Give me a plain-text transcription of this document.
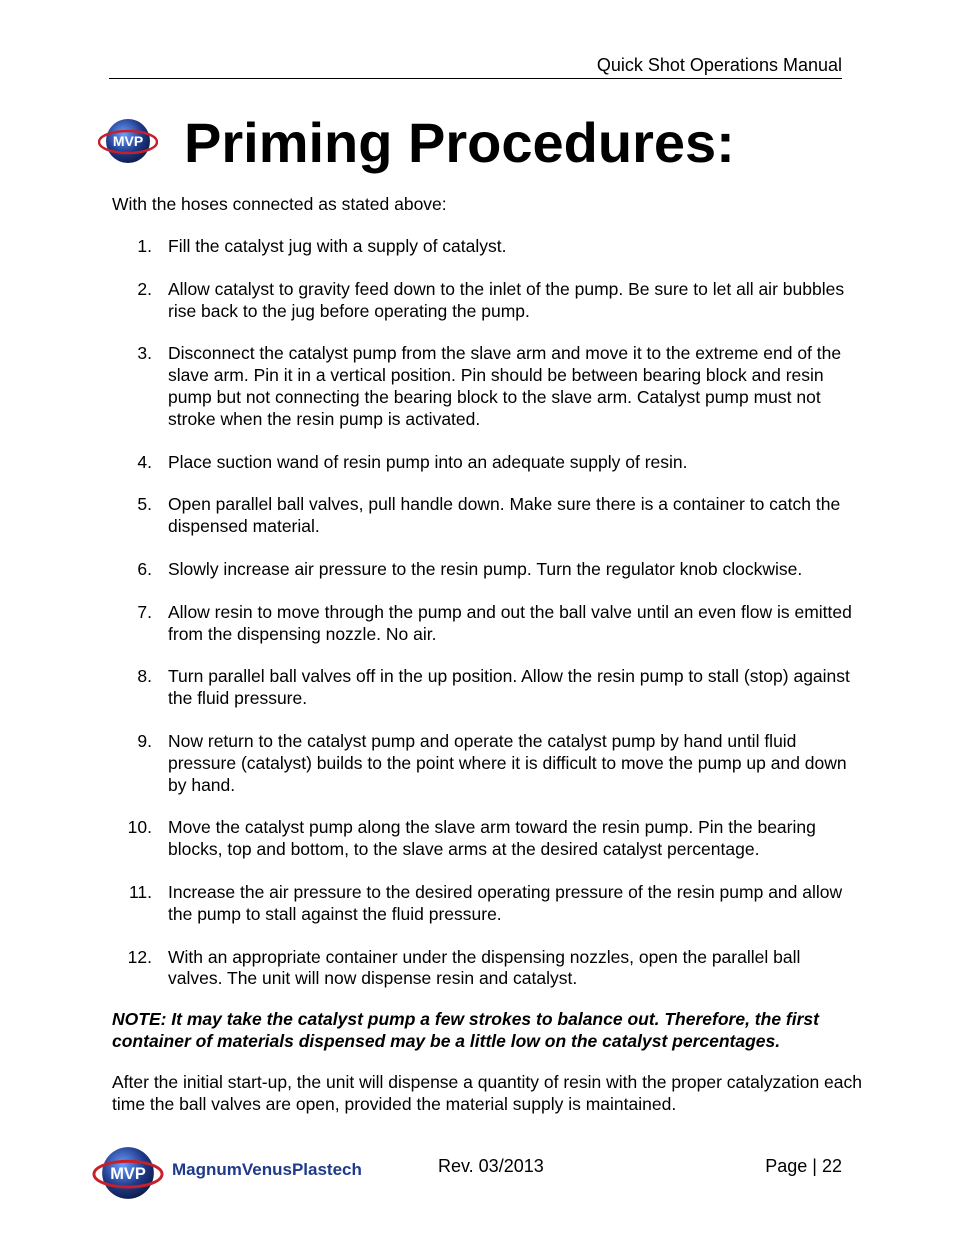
Quick Shot Operations Manual
MVP Priming Procedures:
With the hoses connected as stated above:
1. Fill the catalyst jug with a supply of catalyst.
2. Allow catalyst to gravity feed down to the inlet of the pump. Be sure to let all air bubbles rise back to the jug before operating the pump.
3. Disconnect the catalyst pump from the slave arm and move it to the extreme end of the slave arm. Pin it in a vertical position. Pin should be between bearing block and resin pump but not connecting the bearing block to the slave arm. Catalyst pump must not stroke when the resin pump is activated.
4. Place suction wand of resin pump into an adequate supply of resin.
5. Open parallel ball valves, pull handle down. Make sure there is a container to catch the dispensed material.
6. Slowly increase air pressure to the resin pump. Turn the regulator knob clockwise.
7. Allow resin to move through the pump and out the ball valve until an even flow is emitted from the dispensing nozzle. No air.
8. Turn parallel ball valves off in the up position. Allow the resin pump to stall (stop) against the fluid pressure.
9. Now return to the catalyst pump and operate the catalyst pump by hand until fluid pressure (catalyst) builds to the point where it is difficult to move the pump up and down by hand.
10. Move the catalyst pump along the slave arm toward the resin pump. Pin the bearing blocks, top and bottom, to the slave arms at the desired catalyst percentage.
11. Increase the air pressure to the desired operating pressure of the resin pump and allow the pump to stall against the fluid pressure.
12. With an appropriate container under the dispensing nozzles, open the parallel ball valves. The unit will now dispense resin and catalyst.
NOTE: It may take the catalyst pump a few strokes to balance out. Therefore, the first container of materials dispensed may be a little low on the catalyst percentages.
After the initial start-up, the unit will dispense a quantity of resin with the proper catalyzation each time the ball valves are open, provided the material supply is maintained.
MVP MagnumVenusPlastech	Rev. 03/2013	Page | 22
